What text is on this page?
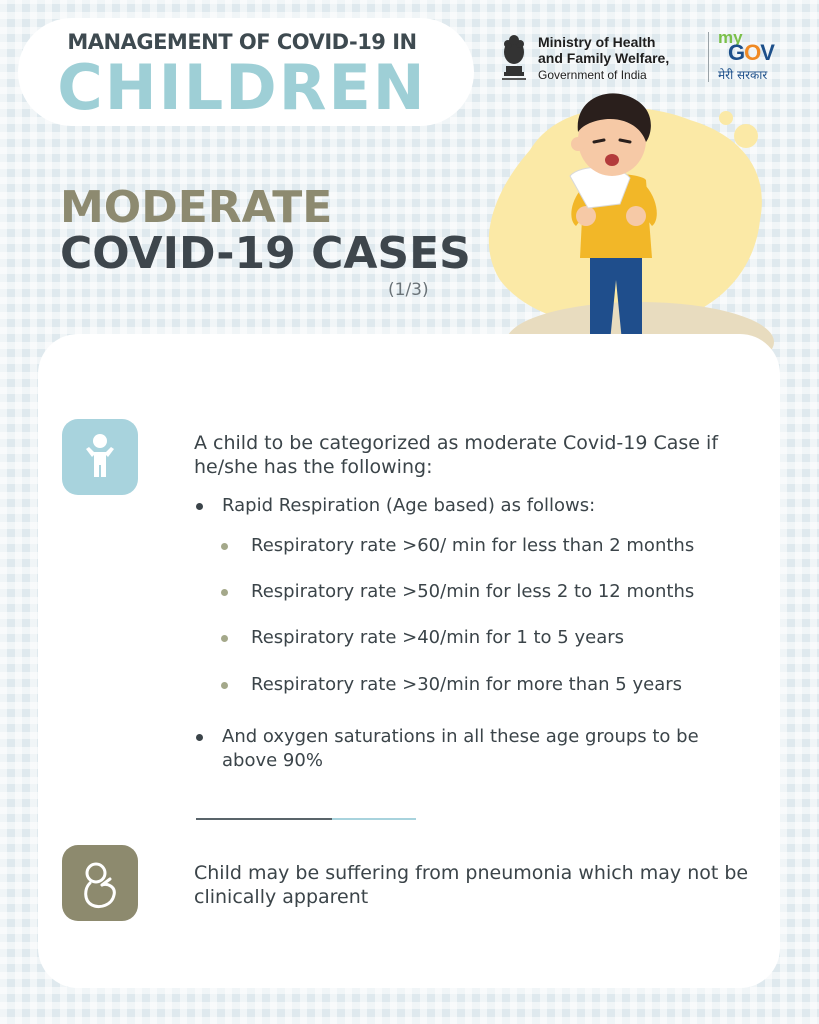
MANAGEMENT OF COVID-19 IN
CHILDREN
Ministry of Health
and Family Welfare,
Government of India
my
GOV
मेरी सरकार
MODERATE
COVID-19 CASES
(1/3)
A child to be categorized as moderate Covid-19 Case if he/she has the following:
Rapid Respiration (Age based) as follows:
Respiratory rate >60/ min for less than 2 months
Respiratory rate >50/min for less 2 to 12 months
Respiratory rate >40/min for 1 to 5 years
Respiratory rate >30/min for more than 5 years
And oxygen saturations in all these age groups to be above 90%
Child may be suffering from pneumonia which may not be clinically apparent
